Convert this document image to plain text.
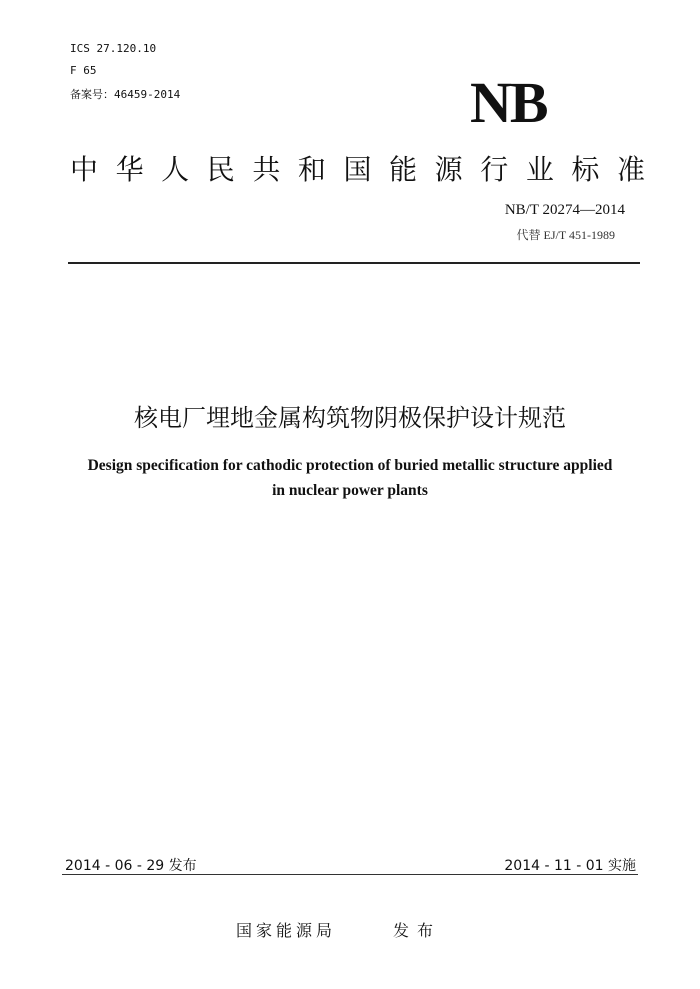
ICS 27.120.10
F 65
备案号：46459-2014	NB
中华人民共和国能源行业标准
NB/T 20274—2014
代替 EJ/T 451-1989
核电厂埋地金属构筑物阴极保护设计规范
Design specification for cathodic protection of buried metallic structure applied
in nuclear power plants
2014 - 06 - 29 发布	2014 - 11 - 01 实施
国家能源局	发布
